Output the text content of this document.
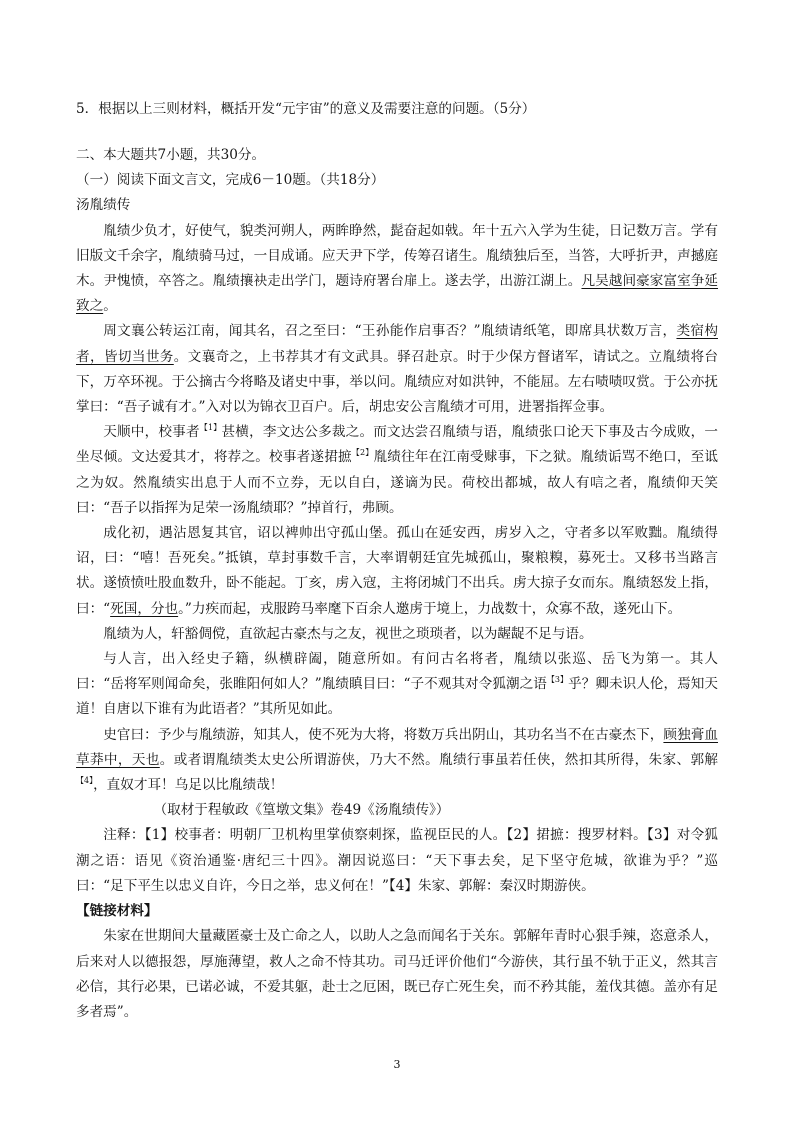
5．根据以上三则材料，概括开发“元宇宙”的意义及需要注意的问题。（5分）

二、本大题共7小题，共30分。

（一）阅读下面文言文，完成6－10题。（共18分）

汤胤绩传

胤绩少负才，好使气，貌类河朔人，两眸睁然，髭奋起如戟。年十五六入学为生徒，日记数万言。学有旧版文千余字，胤绩骑马过，一目成诵。应天尹下学，传筹召诸生。胤绩独后至，当答，大呼折尹，声撼庭木。尹愧愤，卒答之。胤绩攘袂走出学门，题诗府署台扉上。遂去学，出游江湖上。凡吴越间豪家富室争延致之。

周文襄公转运江南，闻其名，召之至曰：“王孙能作启事否？”胤绩请纸笔，即席具状数万言，类宿构者，皆切当世务。文襄奇之，上书荐其才有文武具。驿召赴京。时于少保方督诸军，请试之。立胤绩将台下，万卒环视。于公摘古今将略及诸史中事，举以问。胤绩应对如洪钟，不能屈。左右啧啧叹赏。于公亦抚掌曰：“吾子诚有才。”入对以为锦衣卫百户。后，胡忠安公言胤绩才可用，进署指挥佥事。

天顺中，校事者$^{【1】}$甚横，李文达公多裁之。而文达尝召胤绩与语，胤绩张口论天下事及古今成败，一坐尽倾。文达爱其才，将荐之。校事者遂捃摭$^{【2】}$胤绩往年在江南受赇事，下之狱。胤绩诟骂不绝口，至诋之为奴。然胤绩实出息于人而不立券，无以自白，遂谪为民。荷校出都城，故人有唁之者，胤绩仰天笑曰：“吾子以指挥为足荣一汤胤绩耶？”掉首行，弗顾。

成化初，遇沾恩复其官，诏以裨帅出守孤山堡。孤山在延安西，虏岁入之，守者多以军败黜。胤绩得诏，曰：“嘻！吾死矣。”抵镇，草封事数千言，大率谓朝廷宜先城孤山，聚粮糗，募死士。又移书当路言状。遂愤愤吐股血数升，卧不能起。丁亥，虏入寇，主将闭城门不出兵。虏大掠子女而东。胤绩怒发上指，曰：“死国，分也。”力疾而起，戎服跨马率麾下百余人邀虏于境上，力战数十，众寡不敌，遂死山下。

胤绩为人，轩豁倜傥，直欲起古豪杰与之友，视世之琐琐者，以为龌龊不足与语。

与人言，出入经史子籍，纵横辟阖，随意所如。有问古名将者，胤绩以张巡、岳飞为第一。其人曰：“岳将军则闻命矣，张睢阳何如人？”胤绩瞋目曰：“子不观其对令狐潮之语$^{【3】}$乎？卿未识人伦，焉知天道！自唐以下谁有为此语者？”其所见如此。

史官曰：予少与胤绩游，知其人，使不死为大将，将数万兵出阴山，其功名当不在古豪杰下，顾独膏血草莽中，天也。或者谓胤绩类太史公所谓游侠，乃大不然。胤绩行事虽若任侠，然扣其所得，朱家、郭解$^{【4】}$，直奴才耳！乌足以比胤绩哉！

（取材于程敏政《篁墩文集》卷49《汤胤绩传》）

注释：【1】校事者：明朝厂卫机构里掌侦察刺探，监视臣民的人。【2】捃摭：搜罗材料。【3】对令狐潮之语：语见《资治通鉴·唐纪三十四》。潮因说巡曰：“天下事去矣，足下坚守危城，欲谁为乎？”巡曰：“足下平生以忠义自许，今日之举，忠义何在！”【4】朱家、郭解：秦汉时期游侠。

【链接材料】

朱家在世期间大量藏匿豪士及亡命之人，以助人之急而闻名于关东。郭解年青时心狠手辣，恣意杀人，后来对人以德报怨，厚施薄望，救人之命不恃其功。司马迁评价他们“今游侠，其行虽不轨于正义，然其言必信，其行必果，已诺必诚，不爱其躯，赴士之厄困，既已存亡死生矣，而不矜其能，羞伐其德。盖亦有足多者焉”。

3
